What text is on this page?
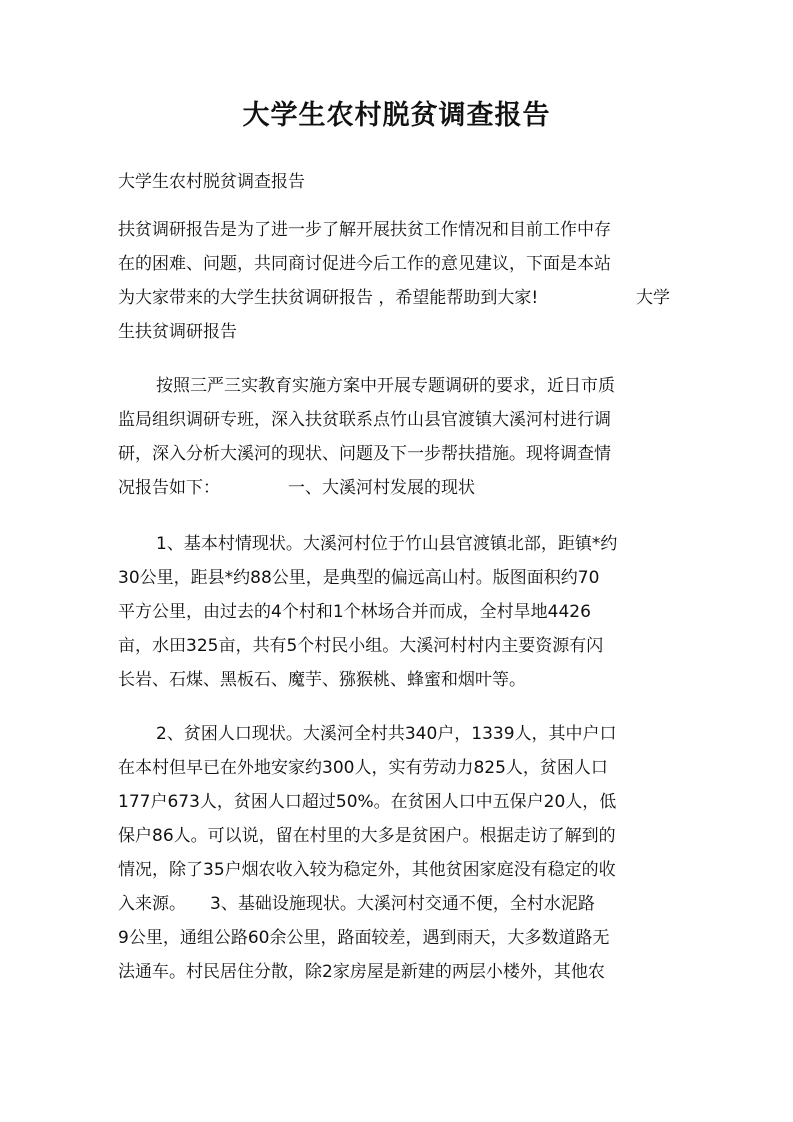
大学生农村脱贫调查报告

大学生农村脱贫调查报告

扶贫调研报告是为了进一步了解开展扶贫工作情况和目前工作中存

在的困难、问题，共同商讨促进今后工作的意见建议，下面是本站

为大家带来的大学生扶贫调研报告 ，希望能帮助到大家!	大学

生扶贫调研报告

按照三严三实教育实施方案中开展专题调研的要求，近日市质

监局组织调研专班，深入扶贫联系点竹山县官渡镇大溪河村进行调

研，深入分析大溪河的现状、问题及下一步帮扶措施。现将调查情

况报告如下：	一、大溪河村发展的现状

1、基本村情现状。大溪河村位于竹山县官渡镇北部，距镇*约

30公里，距县*约88公里，是典型的偏远高山村。版图面积约70

平方公里，由过去的4个村和1个林场合并而成，全村旱地4426

亩，水田325亩，共有5个村民小组。大溪河村村内主要资源有闪

长岩、石煤、黑板石、魔芋、猕猴桃、蜂蜜和烟叶等。

2、贫困人口现状。大溪河全村共340户，1339人，其中户口

在本村但早已在外地安家约300人，实有劳动力825人，贫困人口

177户673人，贫困人口超过50%。在贫困人口中五保户20人，低

保户86人。可以说，留在村里的大多是贫困户。根据走访了解到的

情况，除了35户烟农收入较为稳定外，其他贫困家庭没有稳定的收

入来源。 3、基础设施现状。大溪河村交通不便，全村水泥路

9公里，通组公路60余公里，路面较差，遇到雨天，大多数道路无

法通车。村民居住分散，除2家房屋是新建的两层小楼外，其他农
